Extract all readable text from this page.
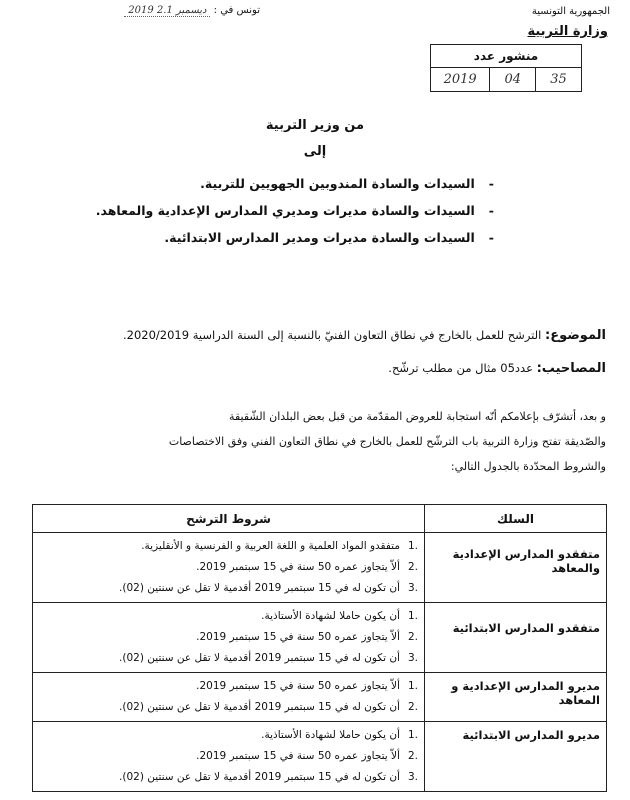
الجمهورية التونسية
وزارة التربية
تونس في : 2019 ديسمبر 2.1
منشور عدد
2019	04	35
من وزير التربية
إلى
-السيدات والسادة المندوبين الجهويين للتربية.
-السيدات والسادة مديرات ومديري المدارس الإعدادية والمعاهد.
-السيدات والسادة مديرات ومدير المدارس الابتدائية.
الموضوع: الترشح للعمل بالخارج في نطاق التعاون الفنيّ بالنسبة إلى السنة الدراسية 2020/2019.
المصاحيب: عدد05 مثال من مطلب ترشّح.
و بعد، أتشرّف بإعلامكم أنّه استجابة للعروض المقدّمة من قبل بعض البلدان الشّقيقة
والصّديقة تفتح وزارة التربية باب الترشّح للعمل بالخارج في نطاق التعاون الفني وفق الاختصاصات
والشروط المحدّدة بالجدول التالي:
السلك	شروط الترشح
متفقدو المدارس الإعدادية والمعاهد	.1متفقدو المواد العلمية و اللغة العربية و الفرنسية و الأنقليزية.
.2ألاّ يتجاوز عمره 50 سنة في 15 سبتمبر 2019.
.3أن تكون له في 15 سبتمبر 2019 أقدمية لا تقل عن سنتين (02).

متفقدو المدارس الابتدائية	.1أن يكون حاملا لشهادة الأستاذية.
.2ألاّ يتجاوز عمره 50 سنة في 15 سبتمبر 2019.
.3أن تكون له في 15 سبتمبر 2019 أقدمية لا تقل عن سنتين (02).

مديرو المدارس الإعدادية و المعاهد	.1ألاّ يتجاوز عمره 50 سنة في 15 سبتمبر 2019.
.2أن تكون له في 15 سبتمبر 2019 أقدمية لا تقل عن سنتين (02).

مديرو المدارس الابتدائية	.1أن يكون حاملا لشهادة الأستاذية.
.2ألاّ يتجاوز عمره 50 سنة في 15 سبتمبر 2019.
.3أن تكون له في 15 سبتمبر 2019 أقدمية لا تقل عن سنتين (02).
